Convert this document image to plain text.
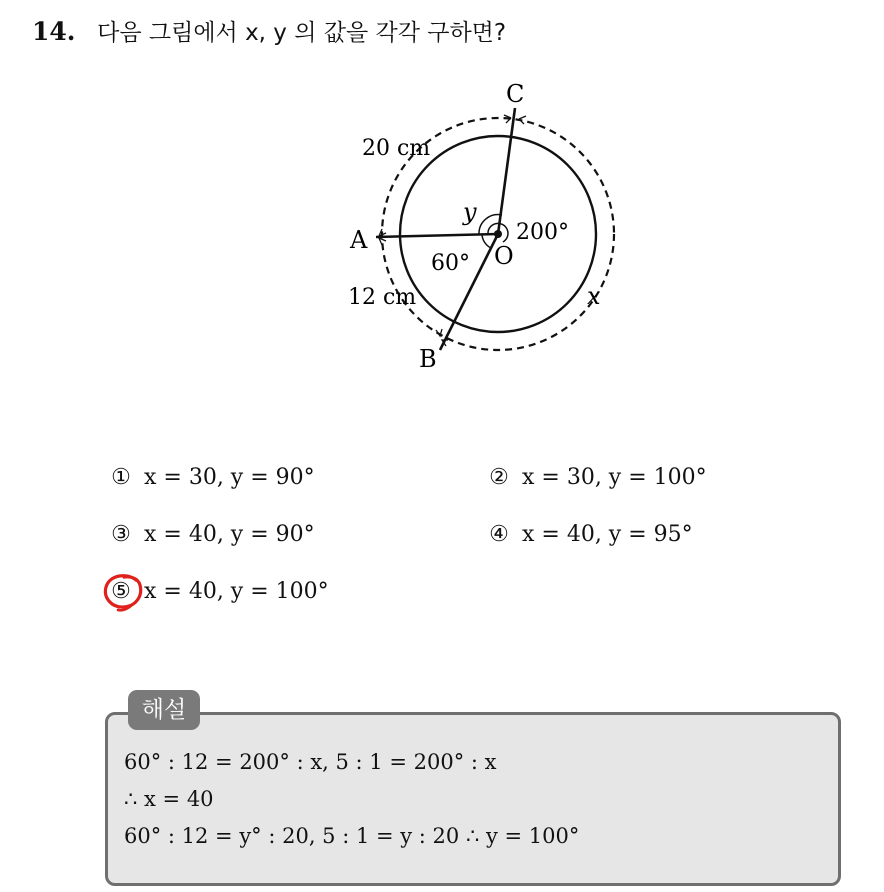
14. 다음 그림에서 x, y 의 값을 각각 구하면?
C
A
B
O
y
x
200°
60°
20 cm
12 cm
① x = 30, y = 90°	② x = 30, y = 100°
③ x = 40, y = 90°	④ x = 40, y = 95°
⑤ x = 40, y = 100°
해설
60° : 12 = 200° : x, 5 : 1 = 200° : x
∴ x = 40
60° : 12 = y° : 20, 5 : 1 = y : 20 ∴ y = 100°
